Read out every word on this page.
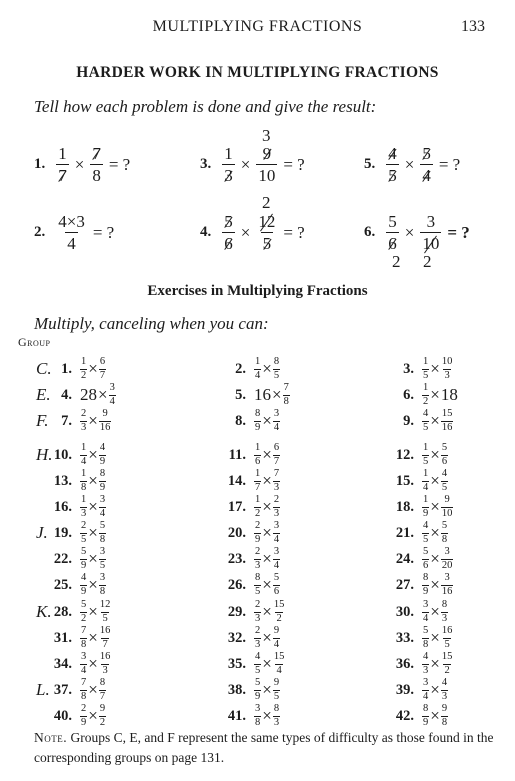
MULTIPLYING FRACTIONS	133
HARDER WORK IN MULTIPLYING FRACTIONS
Tell how each problem is done and give the result:
1. $\frac{1}{7} \times \frac{7}{8}$ = ?	3. $\frac{1}{3} \times \frac{9}{10}$ = ?
3
5. $\frac{4}{5} \times \frac{5}{4}$ = ?
2. $\frac{4\times 3}{4}$ = ?	4. $\frac{5}{6} \times \frac{12}{5}$ = ?
2
6. $\frac{5}{6} \times \frac{3}{10}$ = ?
2 2
Exercises in Multiplying Fractions
Multiply, canceling when you can:
Group
C. 1. $\frac{1}{2} \times \frac{6}{7}$	2. $\frac{1}{4} \times \frac{8}{5}$	3. $\frac{1}{5} \times \frac{10}{3}$
E. 4. $28\times \frac{3}{4}$	5. $16\times \frac{7}{8}$	6. $\frac{1}{2} \times 18$
F. 7. $\frac{2}{3} \times \frac{9}{16}$	8. $\frac{8}{9} \times \frac{3}{4}$	9. $\frac{4}{5} \times \frac{15}{16}$
H. 10. $\frac{1}{4} \times \frac{4}{9}$	11. $\frac{1}{6} \times \frac{6}{7}$	12. $\frac{1}{5} \times \frac{5}{6}$
13. $\frac{1}{8} \times \frac{8}{9}$	14. $\frac{1}{7} \times \frac{7}{3}$	15. $\frac{1}{4} \times \frac{4}{5}$
16. $\frac{1}{3} \times \frac{3}{4}$	17. $\frac{1}{2} \times \frac{2}{3}$	18. $\frac{1}{9} \times \frac{9}{10}$
J. 19. $\frac{2}{5} \times \frac{5}{8}$	20. $\frac{2}{9} \times \frac{3}{4}$	21. $\frac{4}{5} \times \frac{5}{8}$
22. $\frac{5}{9} \times \frac{3}{5}$	23. $\frac{2}{3} \times \frac{3}{4}$	24. $\frac{5}{6} \times \frac{3}{20}$
25. $\frac{4}{9} \times \frac{3}{8}$	26. $\frac{8}{5} \times \frac{5}{6}$	27. $\frac{8}{9} \times \frac{3}{16}$
K. 28. $\frac{5}{2} \times \frac{12}{5}$	29. $\frac{2}{3} \times \frac{15}{2}$	30. $\frac{3}{4} \times \frac{8}{3}$
31. $\frac{7}{8} \times \frac{16}{7}$	32. $\frac{2}{3} \times \frac{9}{4}$	33. $\frac{5}{8} \times \frac{16}{5}$
34. $\frac{3}{4} \times \frac{16}{3}$	35. $\frac{4}{5} \times \frac{15}{4}$	36. $\frac{4}{3} \times \frac{15}{2}$
L. 37. $\frac{7}{8} \times \frac{8}{7}$	38. $\frac{5}{9} \times \frac{9}{5}$	39. $\frac{3}{4} \times \frac{4}{3}$
40. $\frac{2}{9} \times \frac{9}{2}$	41. $\frac{3}{8} \times \frac{8}{3}$	42. $\frac{8}{9} \times \frac{9}{8}$
Note. Groups C, E, and F represent the same types of difficulty as those found in the corresponding groups on page 131.
